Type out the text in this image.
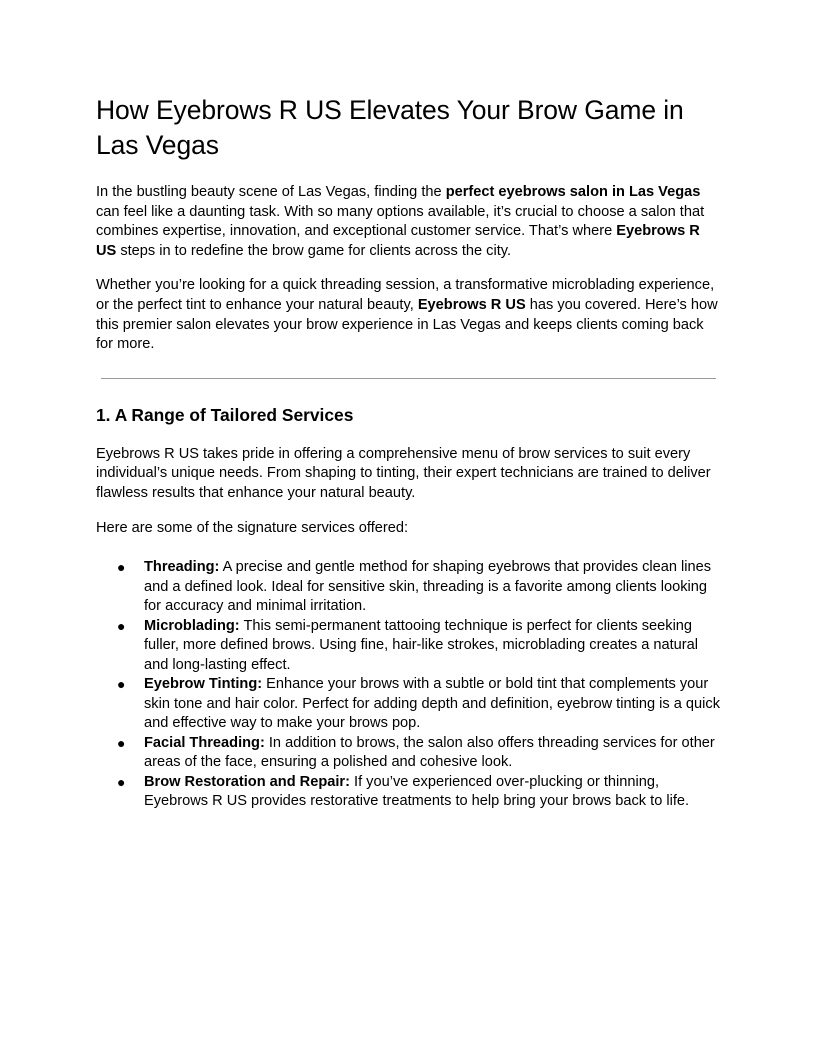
How Eyebrows R US Elevates Your Brow Game in Las Vegas

In the bustling beauty scene of Las Vegas, finding the perfect eyebrows salon in Las Vegas can feel like a daunting task. With so many options available, it’s crucial to choose a salon that combines expertise, innovation, and exceptional customer service. That’s where Eyebrows R US steps in to redefine the brow game for clients across the city.

Whether you’re looking for a quick threading session, a transformative microblading experience, or the perfect tint to enhance your natural beauty, Eyebrows R US has you covered. Here’s how this premier salon elevates your brow experience in Las Vegas and keeps clients coming back for more.

1. A Range of Tailored Services

Eyebrows R US takes pride in offering a comprehensive menu of brow services to suit every individual’s unique needs. From shaping to tinting, their expert technicians are trained to deliver flawless results that enhance your natural beauty.

Here are some of the signature services offered:

● Threading: A precise and gentle method for shaping eyebrows that provides clean lines and a defined look. Ideal for sensitive skin, threading is a favorite among clients looking for accuracy and minimal irritation.
● Microblading: This semi-permanent tattooing technique is perfect for clients seeking fuller, more defined brows. Using fine, hair-like strokes, microblading creates a natural and long-lasting effect.
● Eyebrow Tinting: Enhance your brows with a subtle or bold tint that complements your skin tone and hair color. Perfect for adding depth and definition, eyebrow tinting is a quick and effective way to make your brows pop.
● Facial Threading: In addition to brows, the salon also offers threading services for other areas of the face, ensuring a polished and cohesive look.
● Brow Restoration and Repair: If you’ve experienced over-plucking or thinning, Eyebrows R US provides restorative treatments to help bring your brows back to life.
